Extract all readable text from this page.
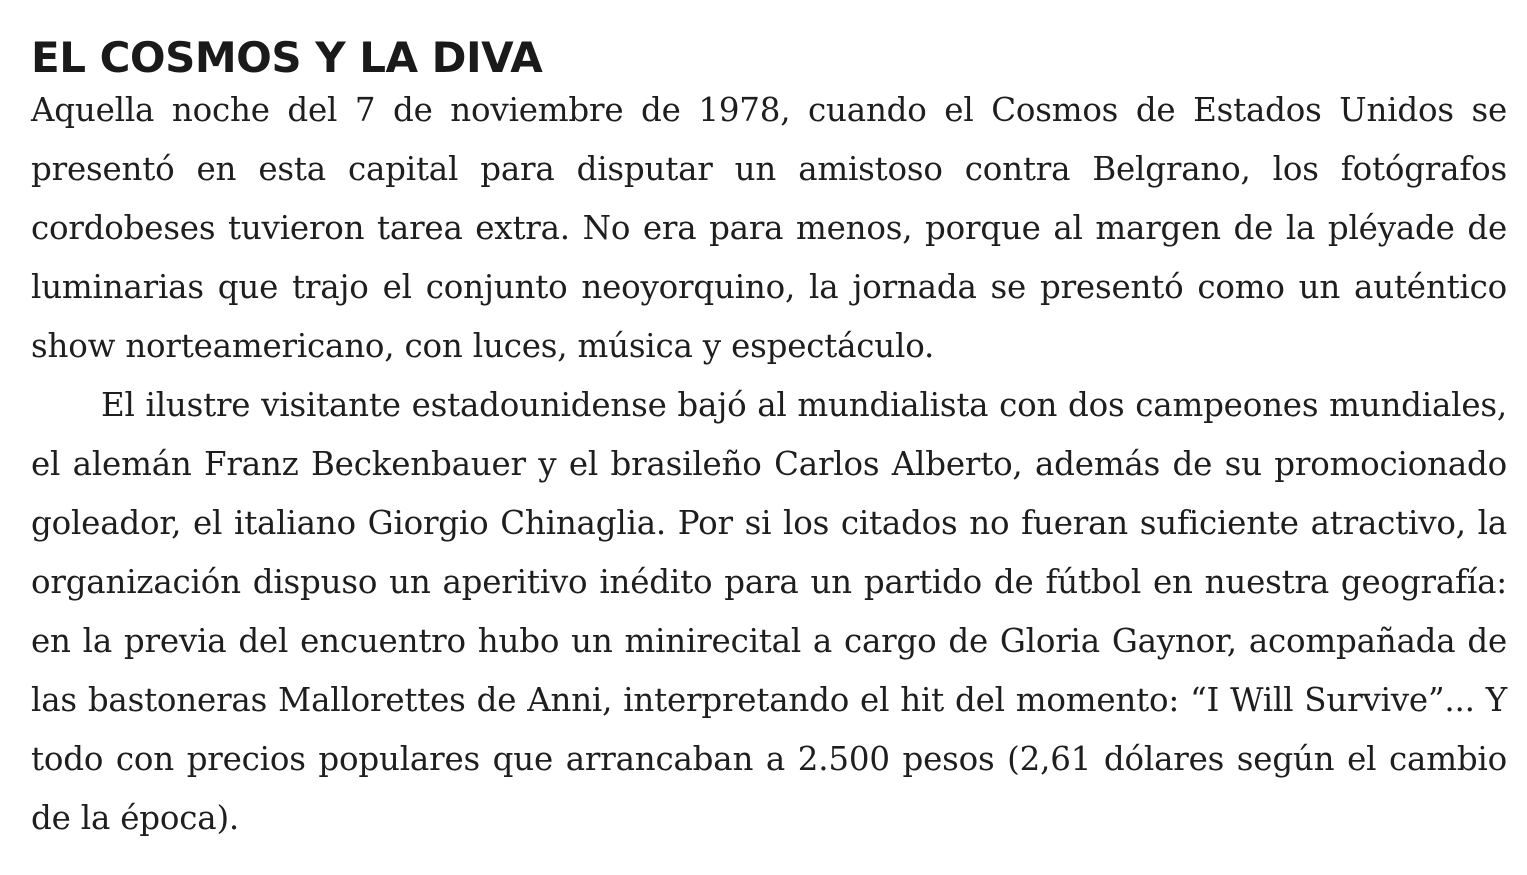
EL COSMOS Y LA DIVA

Aquella noche del 7 de noviembre de 1978, cuando el Cosmos de Estados Unidos se presentó en esta capital para disputar un amistoso contra Belgrano, los fotógrafos cordobeses tuvieron tarea extra. No era para menos, porque al margen de la pléyade de luminarias que trajo el conjunto neoyorquino, la jornada se presentó como un auténtico show norteamericano, con luces, música y espectáculo.

El ilustre visitante estadounidense bajó al mundialista con dos campeones mundiales, el alemán Franz Beckenbauer y el brasileño Carlos Alberto, además de su promocionado goleador, el italiano Giorgio Chinaglia. Por si los citados no fueran suficiente atractivo, la organización dispuso un aperitivo inédito para un partido de fútbol en nuestra geografía: en la previa del encuentro hubo un minirecital a cargo de Gloria Gaynor, acompañada de las bastoneras Mallorettes de Anni, interpretando el hit del momento: “I Will Survive”... Y todo con precios populares que arrancaban a 2.500 pesos (2,61 dólares según el cambio de la época).
